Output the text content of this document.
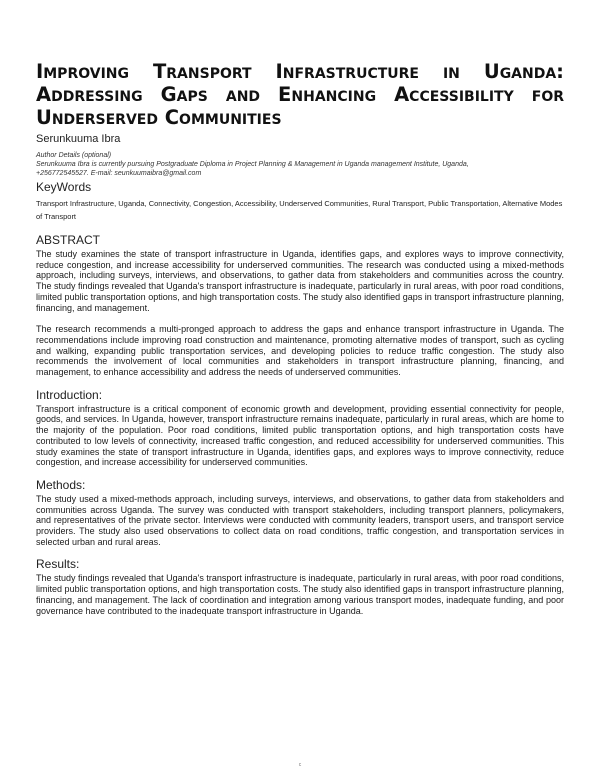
Improving Transport Infrastructure in Uganda:
Addressing Gaps and Enhancing Accessibility for
Underserved Communities
Serunkuuma Ibra
Author Details (optional)
Serunkuuma Ibra is currently pursuing Postgraduate Diploma in Project Planning & Management in Uganda management Institute, Uganda,
+256772545527. E-mail: seunkuumaibra@gmail.com
KeyWords
Transport Infrastructure, Uganda, Connectivity, Congestion, Accessibility, Underserved Communities, Rural Transport, Public Transportation, Alternative Modes of Transport
ABSTRACT

The study examines the state of transport infrastructure in Uganda, identifies gaps, and explores ways to improve connectivity, reduce congestion, and increase accessibility for underserved communities. The research was conducted using a mixed-methods approach, including surveys, interviews, and observations, to gather data from stakeholders and communities across the country. The study findings revealed that Uganda's transport infrastructure is inadequate, particularly in rural areas, with poor road conditions, limited public transportation options, and high transportation costs. The study also identified gaps in transport infrastructure planning, financing, and management.

The research recommends a multi-pronged approach to address the gaps and enhance transport infrastructure in Uganda. The recommendations include improving road construction and maintenance, promoting alternative modes of transport, such as cycling and walking, expanding public transportation services, and developing policies to reduce traffic congestion. The study also recommends the involvement of local communities and stakeholders in transport infrastructure planning, financing, and management, to enhance accessibility and address the needs of underserved communities.

Introduction:

Transport infrastructure is a critical component of economic growth and development, providing essential connectivity for people, goods, and services. In Uganda, however, transport infrastructure remains inadequate, particularly in rural areas, which are home to the majority of the population. Poor road conditions, limited public transportation options, and high transportation costs have contributed to low levels of connectivity, increased traffic congestion, and reduced accessibility for underserved communities. This study examines the state of transport infrastructure in Uganda, identifies gaps, and explores ways to improve connectivity, reduce congestion, and increase accessibility for underserved communities.

Methods:

The study used a mixed-methods approach, including surveys, interviews, and observations, to gather data from stakeholders and communities across Uganda. The survey was conducted with transport stakeholders, including transport planners, policymakers, and representatives of the private sector. Interviews were conducted with community leaders, transport users, and transport service providers. The study also used observations to collect data on road conditions, traffic congestion, and transportation services in selected urban and rural areas.

Results:

The study findings revealed that Uganda's transport infrastructure is inadequate, particularly in rural areas, with poor road conditions, limited public transportation options, and high transportation costs. The study also identified gaps in transport infrastructure planning, financing, and management. The lack of coordination and integration among various transport modes, inadequate funding, and poor governance have contributed to the inadequate transport infrastructure in Uganda.

c
